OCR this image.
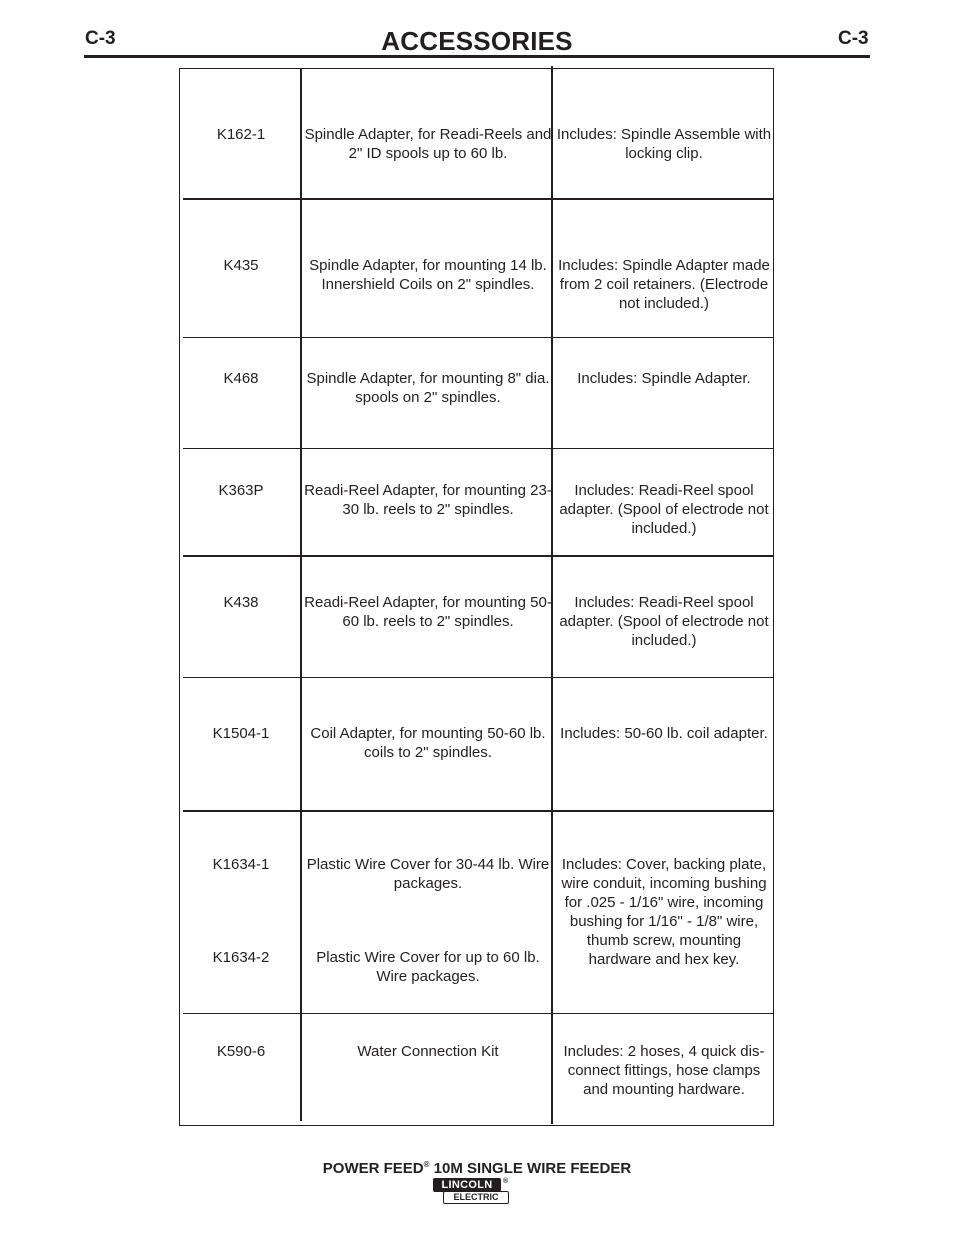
C-3	ACCESSORIES	C-3
K162-1	Spindle Adapter, for Readi-Reels and 2" ID spools up to 60 lb.
Includes: Spindle Assemble with locking clip.
K435	Spindle Adapter, for mounting 14 lb. Innershield Coils on 2" spindles.
Includes: Spindle Adapter made from 2 coil retainers. (Electrode not included.)
K468	Spindle Adapter, for mounting 8" dia. spools on 2" spindles.
Includes: Spindle Adapter.
K363P	Readi-Reel Adapter, for mounting 23-30 lb. reels to 2" spindles.
Includes: Readi-Reel spool adapter. (Spool of electrode not included.)
K438	Readi-Reel Adapter, for mounting 50-60 lb. reels to 2" spindles.
Includes: Readi-Reel spool adapter. (Spool of electrode not included.)
K1504-1	Coil Adapter, for mounting 50-60 lb. coils to 2" spindles.
Includes: 50-60 lb. coil adapter.
K1634-1	Plastic Wire Cover for 30-44 lb. Wire packages.
K1634-2	Plastic Wire Cover for up to 60 lb. Wire packages.
Includes: Cover, backing plate, wire conduit, incoming bushing for .025 - 1/16" wire, incoming bushing for 1/16" - 1/8" wire, thumb screw, mounting hardware and hex key.
K590-6	Water Connection Kit	Includes: 2 hoses, 4 quick dis-connect fittings, hose clamps and mounting hardware.
POWER FEED® 10M SINGLE WIRE FEEDER
LINCOLN	®
ELECTRIC
